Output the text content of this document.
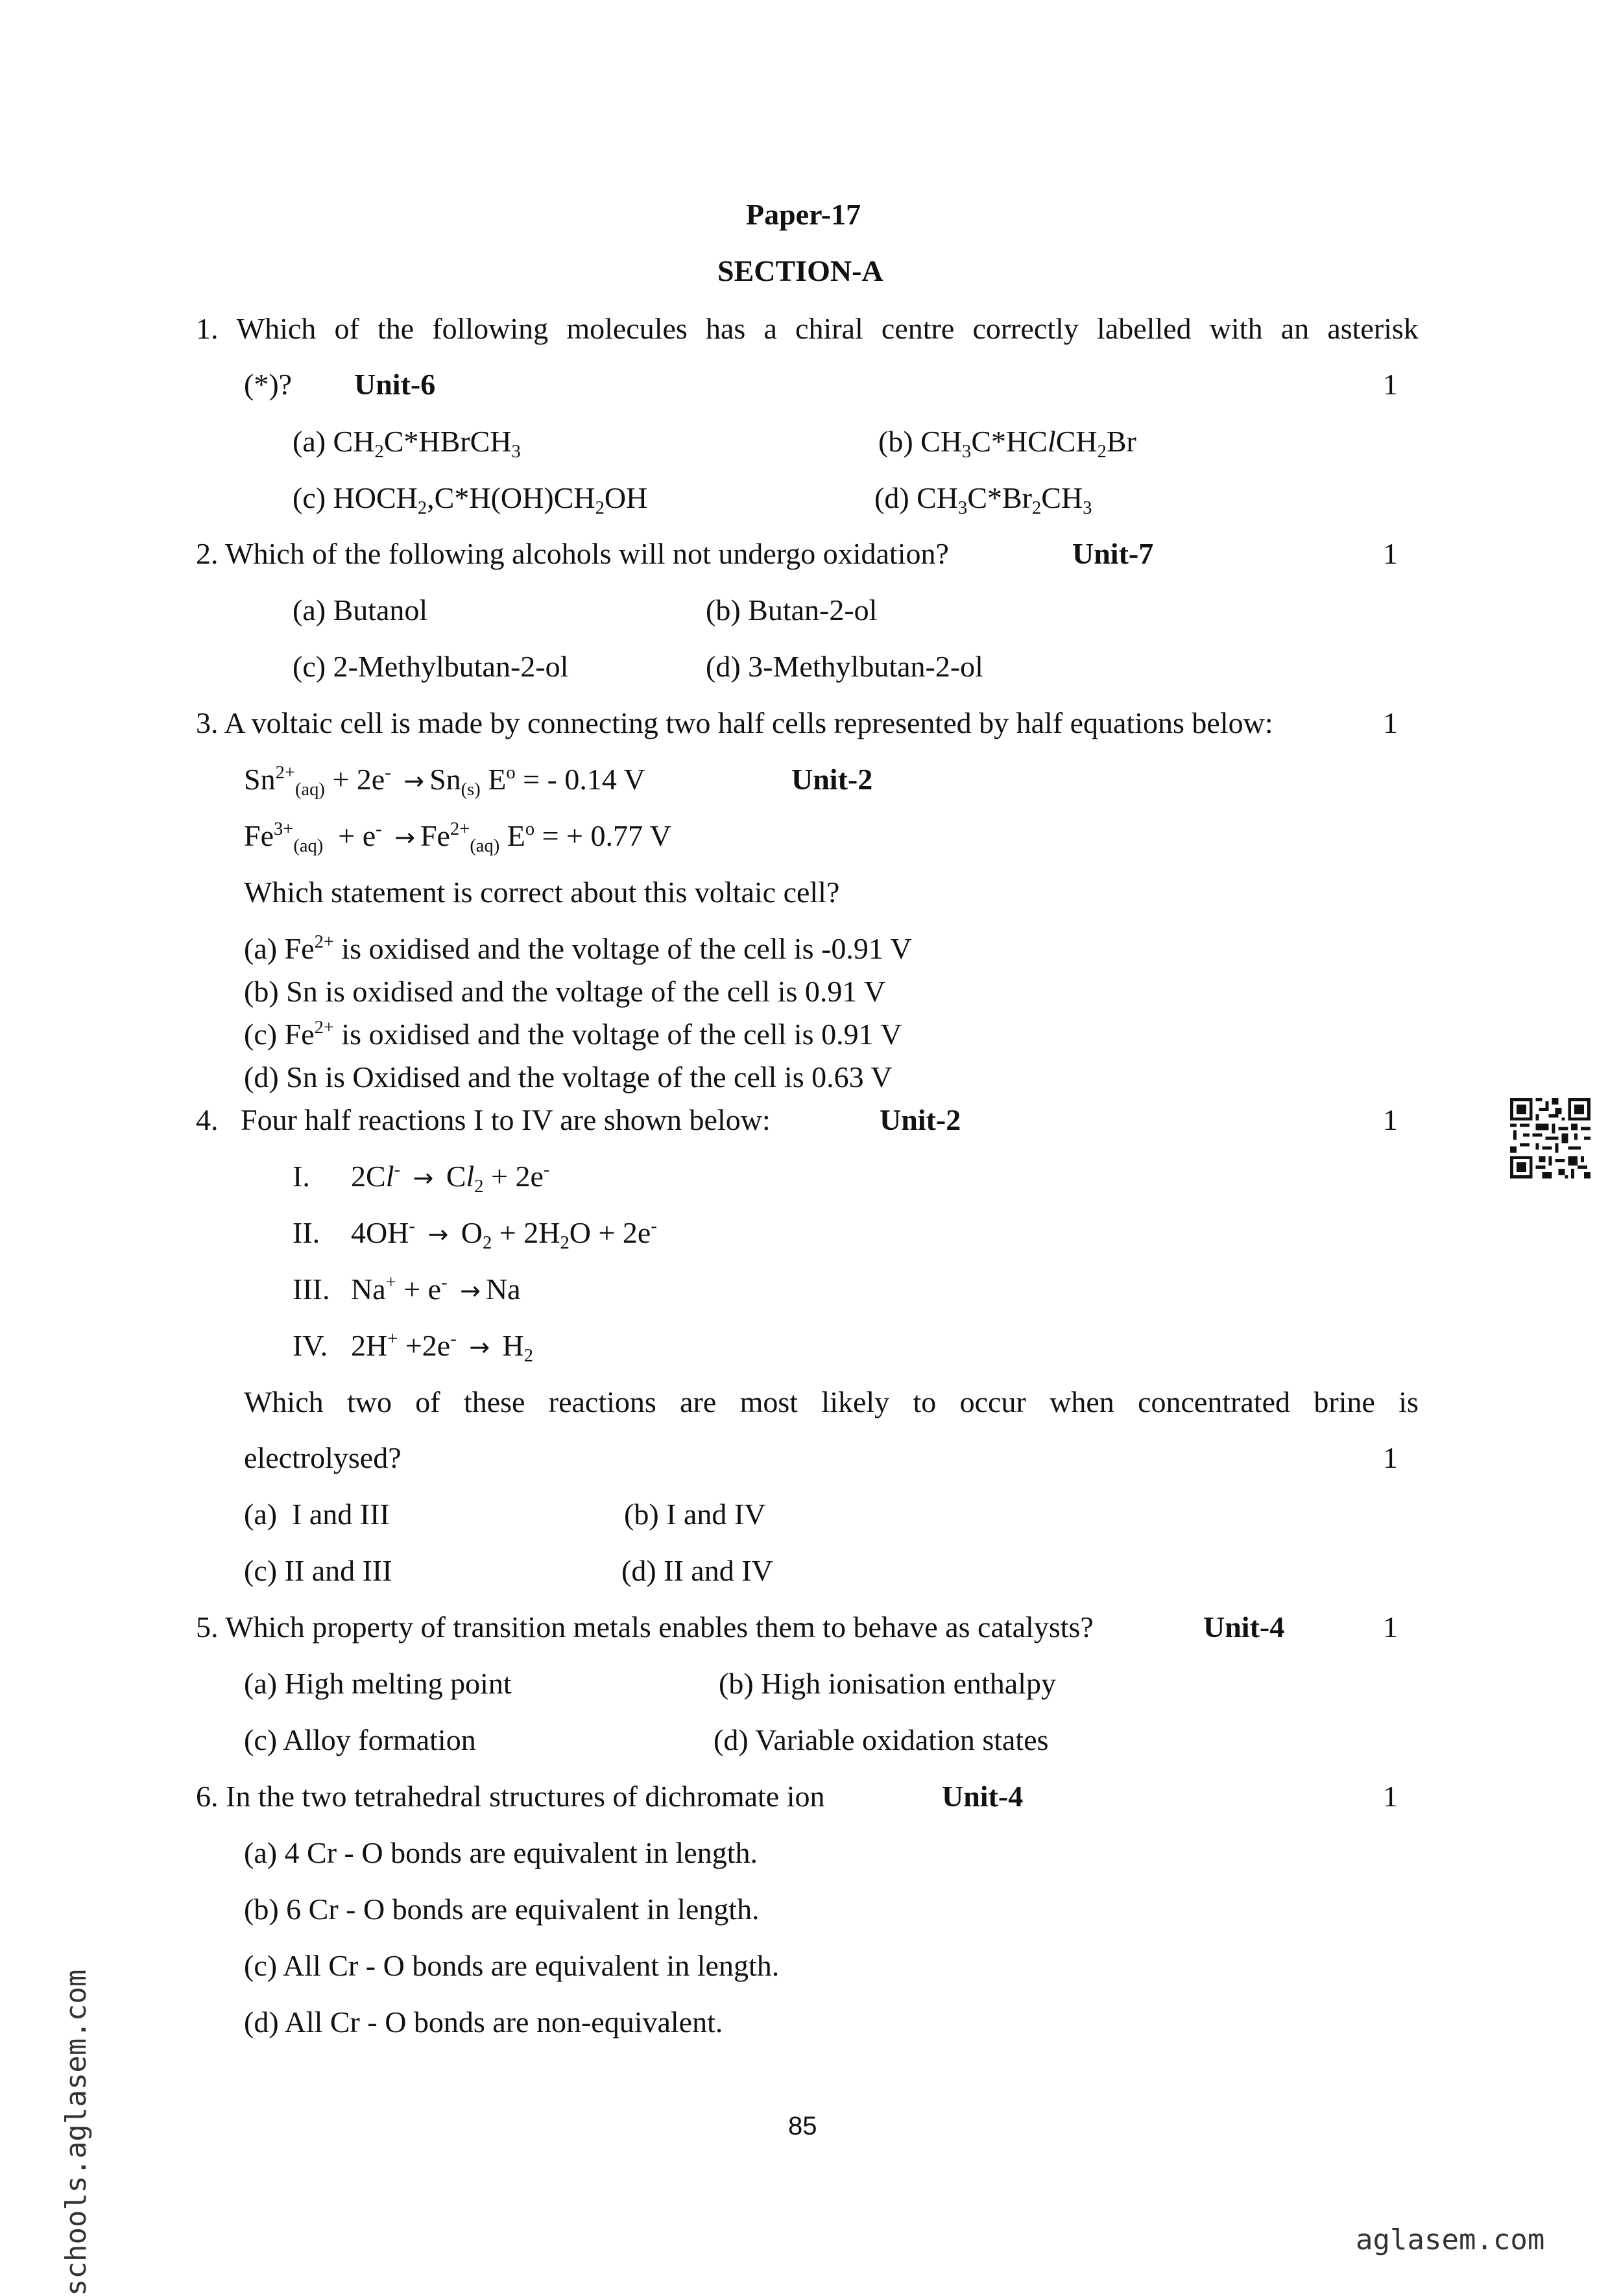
Paper-17
SECTION-A
1. Which of the following molecules has a chiral centre correctly labelled with an asterisk
(*)? Unit-6	1
(a) $CH_2C*HBrCH_3$	(b) $CH_3C*HClCH_2Br$
(c) $HOCH_2,C*H(OH)CH_2OH$	(d) $CH_3C*Br_2CH_3$
2. Which of the following alcohols will not undergo oxidation?	Unit-7	1
(a) Butanol	(b) Butan-2-ol
(c) 2-Methylbutan-2-ol	(d) 3-Methylbutan-2-ol
3. A voltaic cell is made by connecting two half cells represented by half equations below:	1
$Sn^{2+}_{(aq)} + 2e^- \to Sn_{(s)}$ $E^o$ = - 0.14 V	Unit-2
$Fe^{3+}_{(aq)} + e^- \to Fe^{2+}_{(aq)}$ $E^o$ = + 0.77 V
Which statement is correct about this voltaic cell?
(a) $Fe^{2+}$ is oxidised and the voltage of the cell is -0.91 V
(b) Sn is oxidised and the voltage of the cell is 0.91 V
(c) $Fe^{2+}$ is oxidised and the voltage of the cell is 0.91 V
(d) Sn is Oxidised and the voltage of the cell is 0.63 V
4.   Four half reactions I to IV are shown below:	Unit-2	1
I. $2Cl^- \to Cl_2 + 2e^-$
II. $4OH^- \to O_2 + 2H_2O + 2e^-$
III. Na+ + e- → Na
IV. $2H^+ +2e^- \to H_2$
Which two of these reactions are most likely to occur when concentrated brine is
electrolysed?	1
(a)  I and III	(b) I and IV
(c) II and III	(d) II and IV
5. Which property of transition metals enables them to behave as catalysts?	Unit-4	1
(a) High melting point	(b) High ionisation enthalpy
(c) Alloy formation	(d) Variable oxidation states
6. In the two tetrahedral structures of dichromate ion	Unit-4	1
(a) 4 Cr - O bonds are equivalent in length.
(b) 6 Cr - O bonds are equivalent in length.
(c) All Cr - O bonds are equivalent in length.
(d) All Cr - O bonds are non-equivalent.
85
schools.aglasem.com	aglasem.com
